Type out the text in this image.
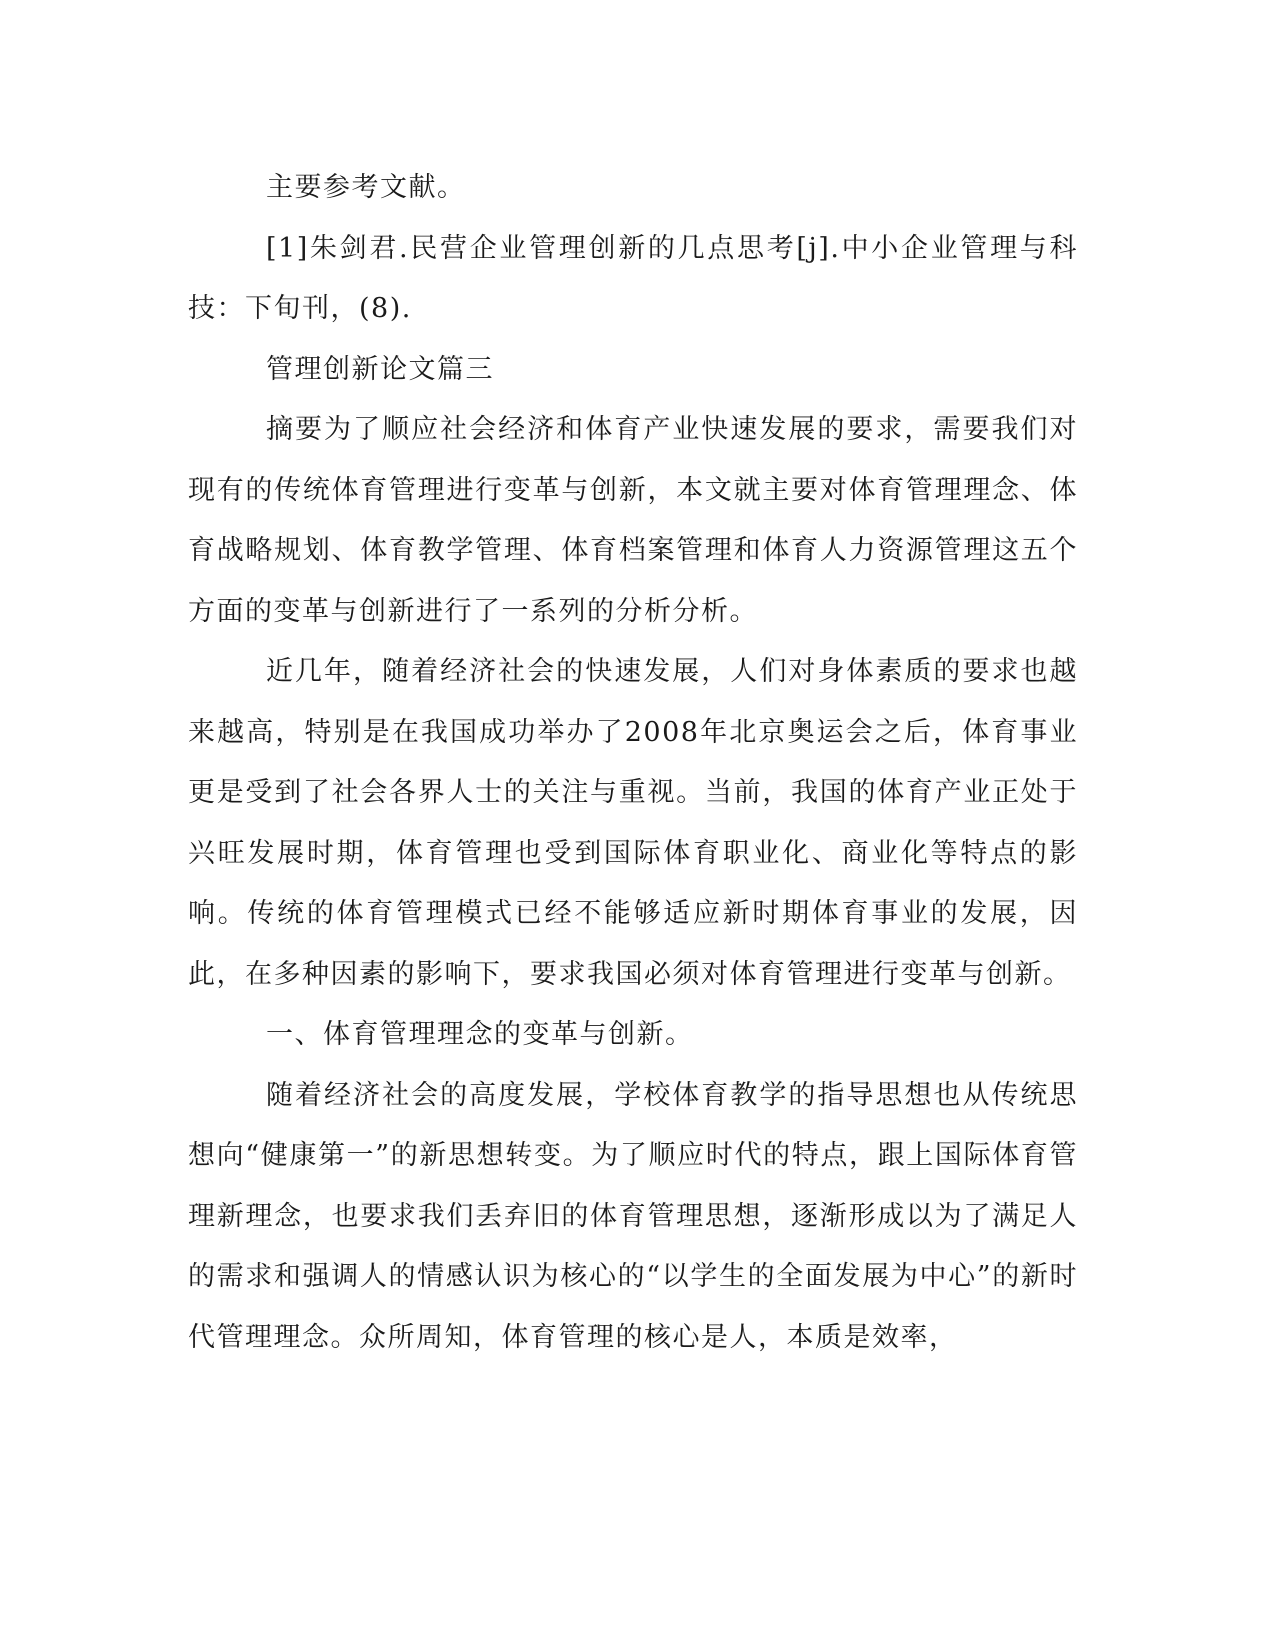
主要参考文献。

[1]朱剑君.民营企业管理创新的几点思考[j].中小企业管理与科技：下旬刊，(8).

管理创新论文篇三

摘要为了顺应社会经济和体育产业快速发展的要求，需要我们对现有的传统体育管理进行变革与创新，本文就主要对体育管理理念、体育战略规划、体育教学管理、体育档案管理和体育人力资源管理这五个方面的变革与创新进行了一系列的分析分析。

近几年，随着经济社会的快速发展，人们对身体素质的要求也越来越高，特别是在我国成功举办了2008年北京奥运会之后，体育事业更是受到了社会各界人士的关注与重视。当前，我国的体育产业正处于兴旺发展时期，体育管理也受到国际体育职业化、商业化等特点的影响。传统的体育管理模式已经不能够适应新时期体育事业的发展，因此，在多种因素的影响下，要求我国必须对体育管理进行变革与创新。

一、体育管理理念的变革与创新。

随着经济社会的高度发展，学校体育教学的指导思想也从传统思想向“健康第一”的新思想转变。为了顺应时代的特点，跟上国际体育管理新理念，也要求我们丢弃旧的体育管理思想，逐渐形成以为了满足人的需求和强调人的情感认识为核心的“以学生的全面发展为中心”的新时代管理理念。众所周知，体育管理的核心是人，本质是效率，
